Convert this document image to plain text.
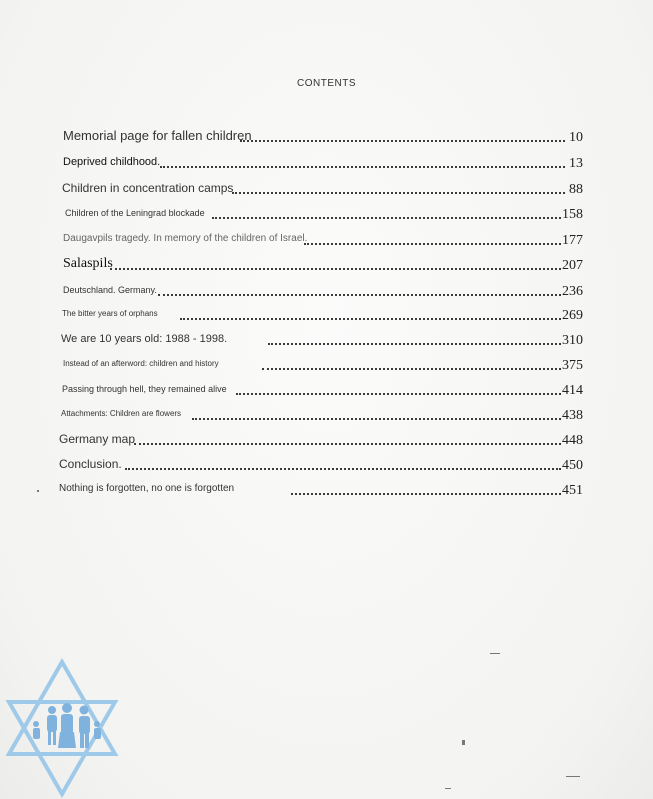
CONTENTS
Memorial page for fallen children	10
Deprived childhood.	13
Children in concentration camps	88
Children of the Leningrad blockade	158
Daugavpils tragedy. In memory of the children of Israel.	177
Salaspils	207
Deutschland. Germany.	236
The bitter years of orphans	269
We are 10 years old: 1988 - 1998.	310
Instead of an afterword: children and history	375
Passing through hell, they remained alive	414
Attachments: Children are flowers	438
Germany map	448
Conclusion.	450
Nothing is forgotten, no one is forgotten	451
